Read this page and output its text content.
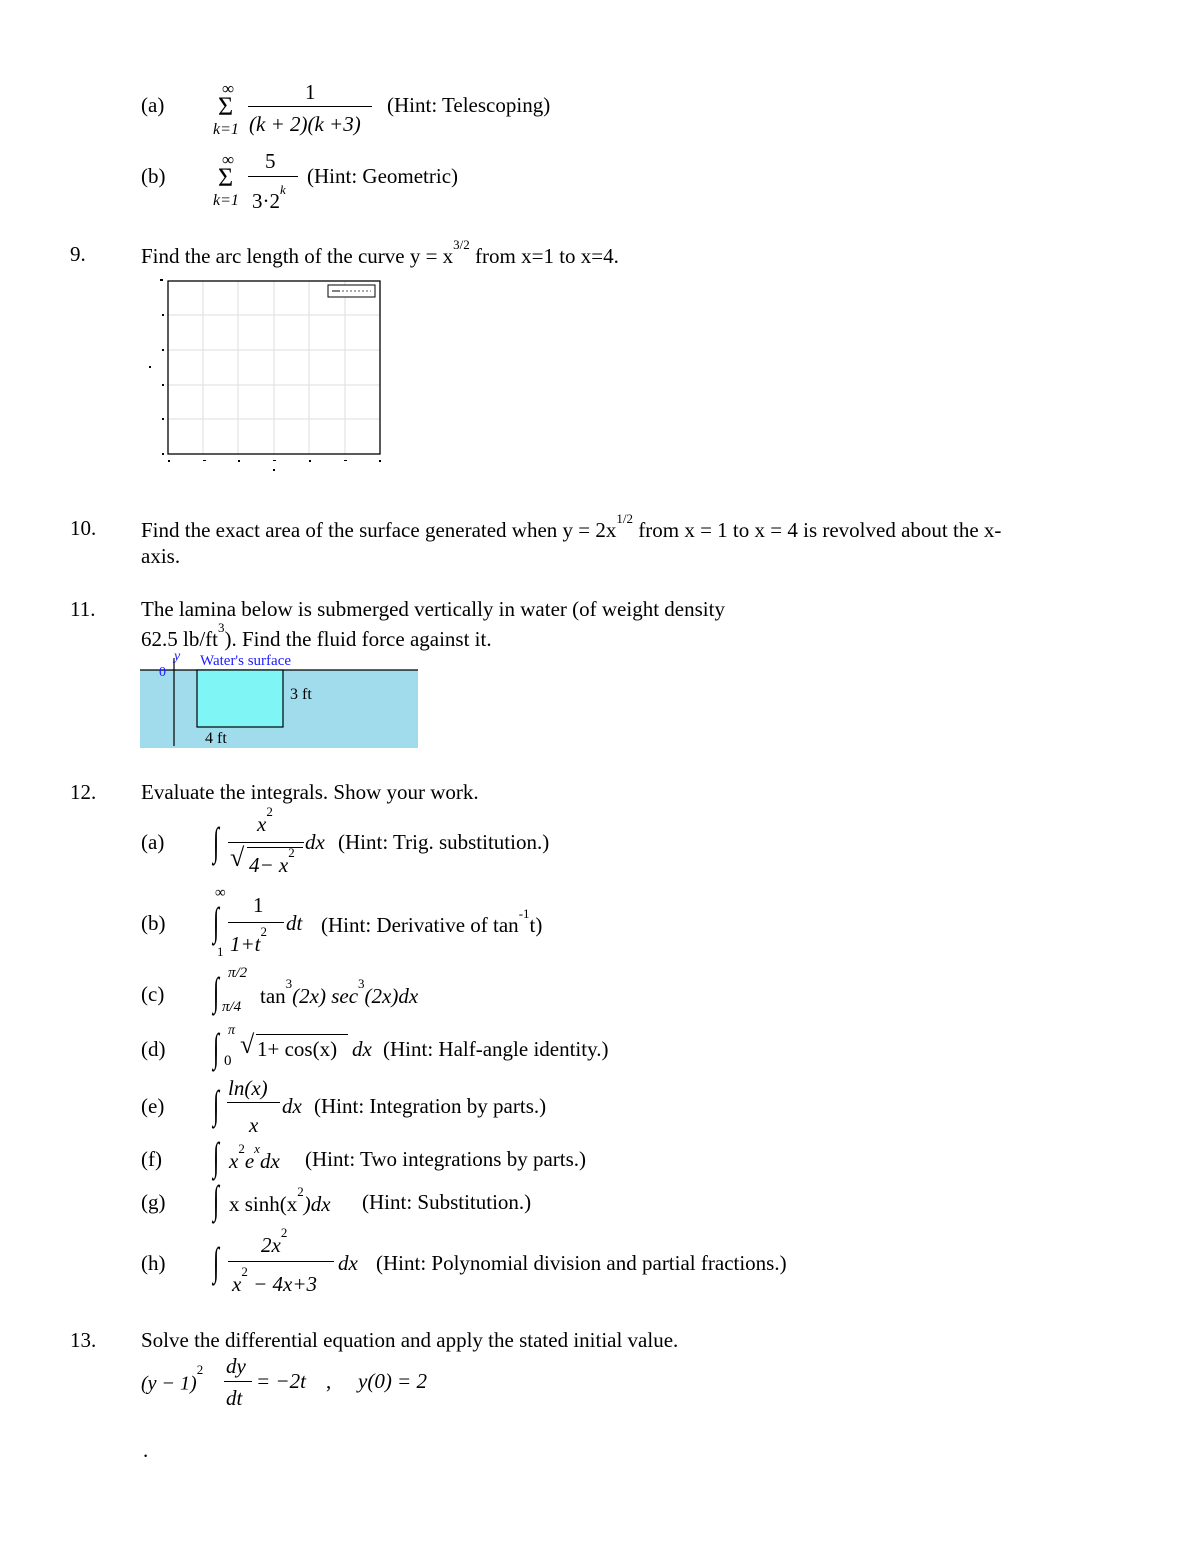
(a)
∞
Σ
k=1
1
(k + 2)(k +3)
(Hint: Telescoping)
(b)
∞
Σ
k=1
5
$3\cdot 2^k$
(Hint: Geometric)
9.	Find the arc length of the curve $y = x^{3/2}$ from x=1 to x=4.
10. Find the exact area of the surface generated when $y = 2x^{1/2}$ from x = 1 to x = 4 is revolved about the x-
axis.
11. The lamina below is submerged vertically in water (of weight density
62.5 $lb/ft^3$). Find the fluid force against it.
0
y Water's surface
3 ft
4 ft
12. Evaluate the integrals. Show your work.
(a) ∫ $x^2$
√ $4- x^2$ dx (Hint: Trig. substitution.)
(b)
∞
∫
1
1
$1+t^2$ dt (Hint: Derivative of $\tan^{-1}t$)
(c) ∫ π/2
π/4 $\tan^3(2x)$ $\sec^3(2x)dx$
(d) ∫ π
0
√ 1+ cos(x) dx (Hint: Half-angle identity.)
(e) ∫ ln(x)
x
dx (Hint: Integration by parts.)
(f) ∫ $x^2e^xdx$ (Hint: Two integrations by parts.)
(g) ∫ x $\sinh(x^2)dx$ (Hint: Substitution.)
(h) ∫ $2x^2$
$x^2 - 4x+3$
dx (Hint: Polynomial division and partial fractions.)
13. Solve the differential equation and apply the stated initial value.
$(y - 1)^2$ dy
dt
= −2t , y(0) = 2
.
